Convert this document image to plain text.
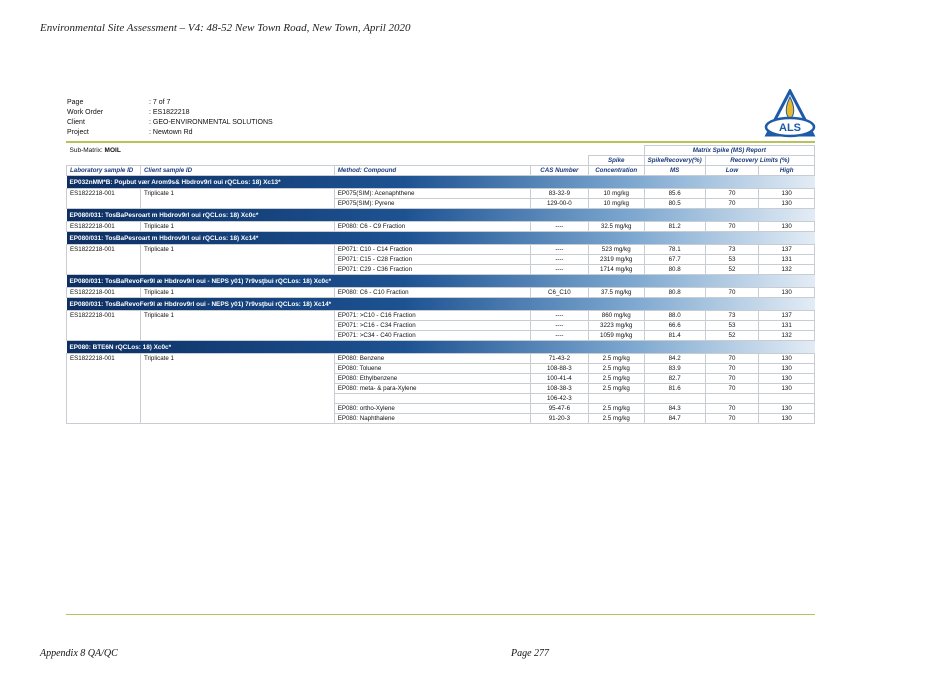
Environmental Site Assessment – V4: 48-52 New Town Road, New Town, April 2020
Page	: 7 of 7
Work Order	: ES1822218
Client	: GEO-ENVIRONMENTAL SOLUTIONS
Project	: Newtown Rd	ALS
Sub-Matrix: MOIL					Matrix Spike (MS) Report		
				Spike	SpikeRecovery(%)	Recovery Limits (%)	
Laboratory sample ID	Client sample ID	Method: Compound	CAS Number	Concentration	MS	Low	High
EP032nMM*B: Poμbut vær Arom9s& Hbdrov9rl oui rQCLos: 18) Xc13*							
ES1822218-001	Triplicate 1	EP075(SIM): Acenaphthene	83-32-9	10 mg/kg	85.6	70	130
		EP075(SIM): Pyrene	129-00-0	10 mg/kg	80.5	70	130
EP080/031: TosBaPesroart m Hbdrov9rl oui rQCLos: 18) Xc0c*							
ES1822218-001	Triplicate 1	EP080: C6 - C9 Fraction	----	32.5 mg/kg	81.2	70	130
EP080/031: TosBaPesroart m Hbdrov9rl oui rQCLos: 18) Xc14*							
ES1822218-001	Triplicate 1	EP071: C10 - C14 Fraction	----	523 mg/kg	78.1	73	137
		EP071: C15 - C28 Fraction	----	2319 mg/kg	67.7	53	131
		EP071: C29 - C36 Fraction	----	1714 mg/kg	80.8	52	132
EP080/031: TosBaRevoFer9l æ Hbdrov9rl oui - NEPS y01) 7r9vsţbui rQCLos: 18) Xc0c*							
ES1822218-001	Triplicate 1	EP080: C6 - C10 Fraction	C6_C10	37.5 mg/kg	80.8	70	130
EP080/031: TosBaRevoFer9l æ Hbdrov9rl oui - NEPS y01) 7r9vsţbui rQCLos: 18) Xc14*							
ES1822218-001	Triplicate 1	EP071: >C10 - C16 Fraction	----	860 mg/kg	88.0	73	137
		EP071: >C16 - C34 Fraction	----	3223 mg/kg	66.6	53	131
		EP071: >C34 - C40 Fraction	----	1059 mg/kg	81.4	52	132
EP080: BTE6N rQCLos: 18) Xc0c*							
ES1822218-001	Triplicate 1	EP080: Benzene	71-43-2	2.5 mg/kg	84.2	70	130
		EP080: Toluene	108-88-3	2.5 mg/kg	83.9	70	130
		EP080: Ethylbenzene	100-41-4	2.5 mg/kg	82.7	70	130
		EP080: meta- & para-Xylene	108-38-3	2.5 mg/kg	81.6	70	130
			106-42-3				
		EP080: ortho-Xylene	95-47-6	2.5 mg/kg	84.3	70	130
		EP080: Naphthalene	91-20-3	2.5 mg/kg	84.7	70	130
Appendix 8 QA/QC	Page 277
